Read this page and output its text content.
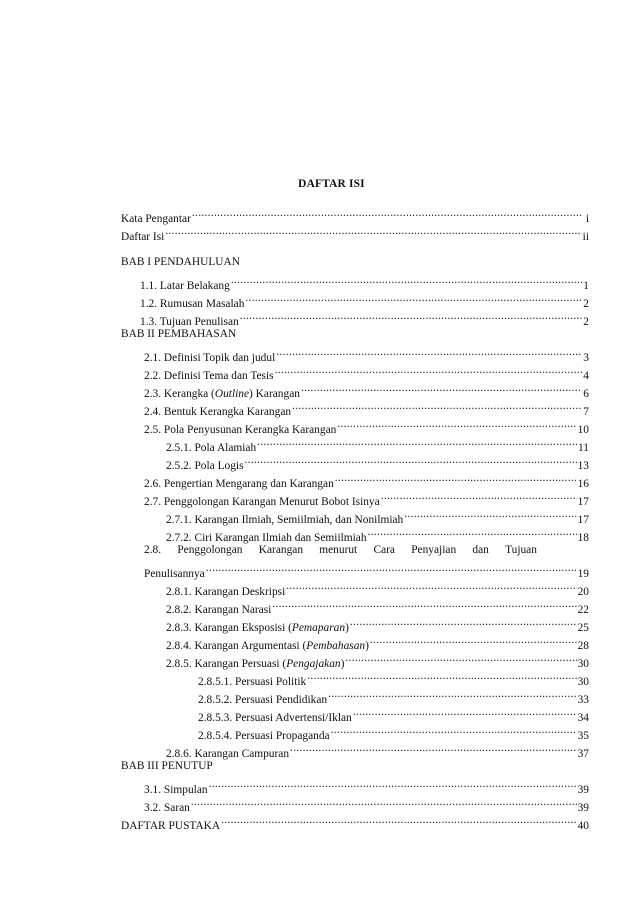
DAFTAR ISI
Kata Pengantar .....	i
Daftar Isi .....	ii
BAB I PENDAHULUAN
1.1. Latar Belakang .....	1
1.2. Rumusan Masalah .....	2
1.3. Tujuan Penulisan .....	2
BAB II PEMBAHASAN
2.1. Definisi Topik dan judul .....	3
2.2. Definisi Tema dan Tesis .....	4
2.3. Kerangka (Outline) Karangan .....	6
2.4. Bentuk Kerangka Karangan .....	7
2.5. Pola Penyusunan Kerangka Karangan .....	10
2.5.1. Pola Alamiah .....	11
2.5.2. Pola Logis .....	13
2.6. Pengertian Mengarang dan Karangan .....	16
2.7. Penggolongan Karangan Menurut Bobot Isinya .....	17
2.7.1. Karangan Ilmiah, Semiilmiah, dan Nonilmiah .....	17
2.7.2. Ciri Karangan Ilmiah dan Semiilmiah .....	18
2.8. Penggolongan Karangan menurut Cara Penyajian dan Tujuan
Penulisannya .....	19
2.8.1. Karangan Deskripsi .....	20
2.8.2. Karangan Narasi .....	22
2.8.3. Karangan Eksposisi (Pemaparan) .....	25
2.8.4. Karangan Argumentasi (Pembahasan) .....	28
2.8.5. Karangan Persuasi (Pengajakan) .....	30
2.8.5.1. Persuasi Politik .....	30
2.8.5.2. Persuasi Pendidikan .....	33
2.8.5.3. Persuasi Advertensi/Iklan .....	34
2.8.5.4. Persuasi Propaganda .....	35
2.8.6. Karangan Campuran .....	37
BAB III PENUTUP
3.1. Simpulan .....	39
3.2. Saran .....	39
DAFTAR PUSTAKA .....	40
